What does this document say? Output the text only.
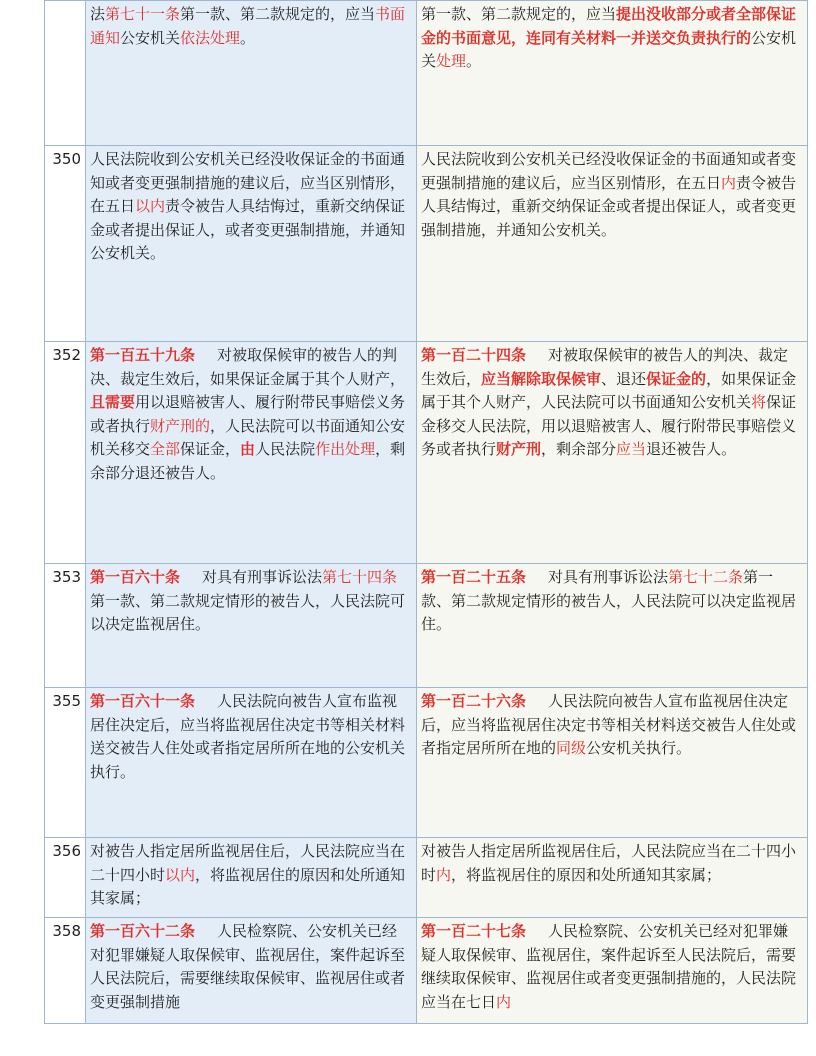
	法第七十一条第一款、第二款规定的，应当书面通知公安机关依法处理。	第一款、第二款规定的，应当提出没收部分或者全部保证金的书面意见，连同有关材料一并送交负责执行的公安机关处理。
350	人民法院收到公安机关已经没收保证金的书面通知或者变更强制措施的建议后，应当区别情形，在五日以内责令被告人具结悔过，重新交纳保证金或者提出保证人，或者变更强制措施，并通知公安机关。	人民法院收到公安机关已经没收保证金的书面通知或者变更强制措施的建议后，应当区别情形，在五日内责令被告人具结悔过，重新交纳保证金或者提出保证人，或者变更强制措施，并通知公安机关。
352	第一百五十九条 对被取保候审的被告人的判决、裁定生效后，如果保证金属于其个人财产，且需要用以退赔被害人、履行附带民事赔偿义务或者执行财产刑的，人民法院可以书面通知公安机关移交全部保证金，由人民法院作出处理，剩余部分退还被告人。	第一百二十四条 对被取保候审的被告人的判决、裁定生效后，应当解除取保候审、退还保证金的，如果保证金属于其个人财产，人民法院可以书面通知公安机关将保证金移交人民法院，用以退赔被害人、履行附带民事赔偿义务或者执行财产刑，剩余部分应当退还被告人。
353	第一百六十条 对具有刑事诉讼法第七十四条第一款、第二款规定情形的被告人，人民法院可以决定监视居住。	第一百二十五条 对具有刑事诉讼法第七十二条第一款、第二款规定情形的被告人，人民法院可以决定监视居住。
355	第一百六十一条 人民法院向被告人宣布监视居住决定后，应当将监视居住决定书等相关材料送交被告人住处或者指定居所所在地的公安机关执行。	第一百二十六条 人民法院向被告人宣布监视居住决定后，应当将监视居住决定书等相关材料送交被告人住处或者指定居所所在地的同级公安机关执行。
356	对被告人指定居所监视居住后，人民法院应当在二十四小时以内，将监视居住的原因和处所通知其家属；	对被告人指定居所监视居住后，人民法院应当在二十四小时内，将监视居住的原因和处所通知其家属；
358	第一百六十二条 人民检察院、公安机关已经对犯罪嫌疑人取保候审、监视居住，案件起诉至人民法院后，需要继续取保候审、监视居住或者变更强制措施	第一百二十七条 人民检察院、公安机关已经对犯罪嫌疑人取保候审、监视居住，案件起诉至人民法院后，需要继续取保候审、监视居住或者变更强制措施的，人民法院应当在七日内
